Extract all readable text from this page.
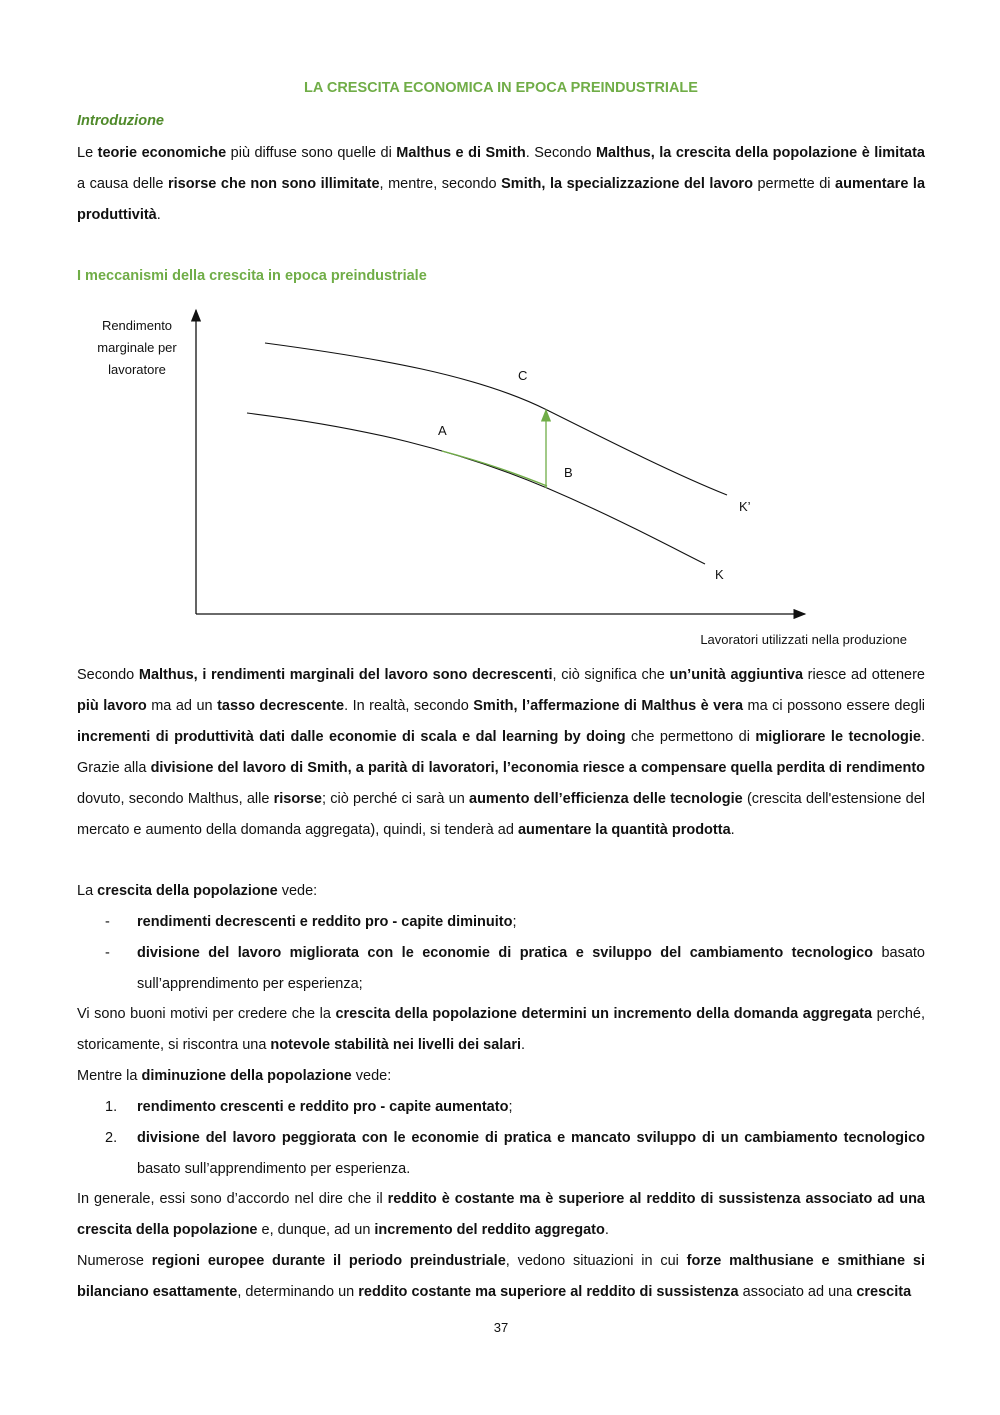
LA CRESCITA ECONOMICA IN EPOCA PREINDUSTRIALE
Introduzione

Le teorie economiche più diffuse sono quelle di Malthus e di Smith. Secondo Malthus, la crescita della popolazione è limitata a causa delle risorse che non sono illimitate, mentre, secondo Smith, la specializzazione del lavoro permette di aumentare la produttività.

I meccanismi della crescita in epoca preindustriale
Rendimento
marginale per
lavoratore	C
A
B
K’
K
Lavoratori utilizzati nella produzione

Secondo Malthus, i rendimenti marginali del lavoro sono decrescenti, ciò significa che un’unità aggiuntiva riesce ad ottenere più lavoro ma ad un tasso decrescente. In realtà, secondo Smith, l’affermazione di Malthus è vera ma ci possono essere degli incrementi di produttività dati dalle economie di scala e dal learning by doing che permettono di migliorare le tecnologie. Grazie alla divisione del lavoro di Smith, a parità di lavoratori, l’economia riesce a compensare quella perdita di rendimento dovuto, secondo Malthus, alle risorse; ciò perché ci sarà un aumento dell’efficienza delle tecnologie (crescita dell'estensione del mercato e aumento della domanda aggregata), quindi, si tenderà ad aumentare la quantità prodotta.

La crescita della popolazione vede:

- rendimenti decrescenti e reddito pro - capite diminuito;
- divisione del lavoro migliorata con le economie di pratica e sviluppo del cambiamento tecnologico basato sull’apprendimento per esperienza;

Vi sono buoni motivi per credere che la crescita della popolazione determini un incremento della domanda aggregata perché, storicamente, si riscontra una notevole stabilità nei livelli dei salari.

Mentre la diminuzione della popolazione vede:

1. rendimento crescenti e reddito pro - capite aumentato;
2. divisione del lavoro peggiorata con le economie di pratica e mancato sviluppo di un cambiamento tecnologico basato sull’apprendimento per esperienza.

In generale, essi sono d’accordo nel dire che il reddito è costante ma è superiore al reddito di sussistenza associato ad una crescita della popolazione e, dunque, ad un incremento del reddito aggregato.

Numerose regioni europee durante il periodo preindustriale, vedono situazioni in cui forze malthusiane e smithiane si bilanciano esattamente, determinando un reddito costante ma superiore al reddito di sussistenza associato ad una crescita

37
